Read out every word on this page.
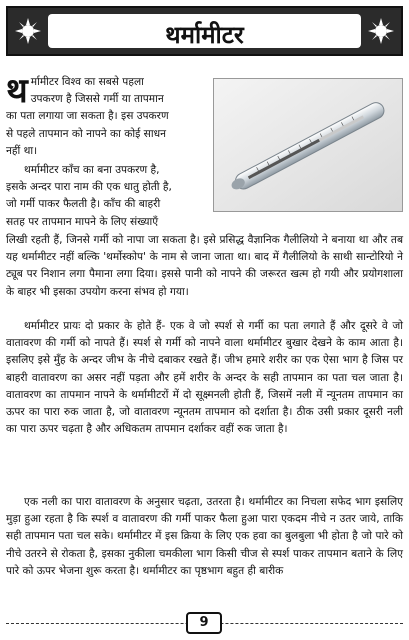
थर्मामीटर
थ र्मामीटर विश्व का सबसे पहला
उपकरण है जिससे गर्मी या तापमान
का पता लगाया जा सकता है। इस उपकरण
से पहले तापमान को नापने का कोई साधन
नहीं था।
थर्मामीटर काँच का बना उपकरण है,
इसके अन्दर पारा नाम की एक धातु होती है,
जो गर्मी पाकर फैलती है। काँच की बाहरी
सतह पर तापमान मापने के लिए संख्याएँ
लिखी रहती हैं, जिनसे गर्मी को नापा जा सकता है। इसे प्रसिद्ध वैज्ञानिक गैलीलियो ने बनाया था और तब यह थर्मामीटर नहीं बल्कि 'थर्मोस्कोप' के नाम से जाना जाता था। बाद में गैलीलियो के साथी सान्टोरियो ने ट्यूब पर निशान लगा पैमाना लगा दिया। इससे पानी को नापने की जरूरत खत्म हो गयी और प्रयोगशाला के बाहर भी इसका उपयोग करना संभव हो गया।
थर्मामीटर प्रायः दो प्रकार के होते हैं- एक वे जो स्पर्श से गर्मी का पता लगाते हैं और दूसरे वे जो वातावरण की गर्मी को नापते हैं। स्पर्श से गर्मी को नापने वाला थर्मामीटर बुखार देखने के काम आता है। इसलिए इसे मुँह के अन्दर जीभ के नीचे दबाकर रखते हैं। जीभ हमारे शरीर का एक ऐसा भाग है जिस पर बाहरी वातावरण का असर नहीं पड़ता और हमें शरीर के अन्दर के सही तापमान का पता चल जाता है। वातावरण का तापमान नापने के थर्मामीटरों में दो सूक्ष्मनली होती हैं, जिसमें नली में न्यूनतम तापमान का ऊपर का पारा रुक जाता है, जो वातावरण न्यूनतम तापमान को दर्शाता है। ठीक उसी प्रकार दूसरी नली का पारा ऊपर चढ़ता है और अधिकतम तापमान दर्शाकर वहीं रुक जाता है।
एक नली का पारा वातावरण के अनुसार चढ़ता, उतरता है। थर्मामीटर का निचला सफेद भाग इसलिए मुड़ा हुआ रहता है कि स्पर्श व वातावरण की गर्मी पाकर फैला हुआ पारा एकदम नीचे न उतर जाये, ताकि सही तापमान पता चल सके। थर्मामीटर में इस क्रिया के लिए एक हवा का बुलबुला भी होता है जो पारे को नीचे उतरने से रोकता है, इसका नुकीला चमकीला भाग किसी चीज से स्पर्श पाकर तापमान बताने के लिए पारे को ऊपर भेजना शुरू करता है। थर्मामीटर का पृष्ठभाग बहुत ही बारीक
9
